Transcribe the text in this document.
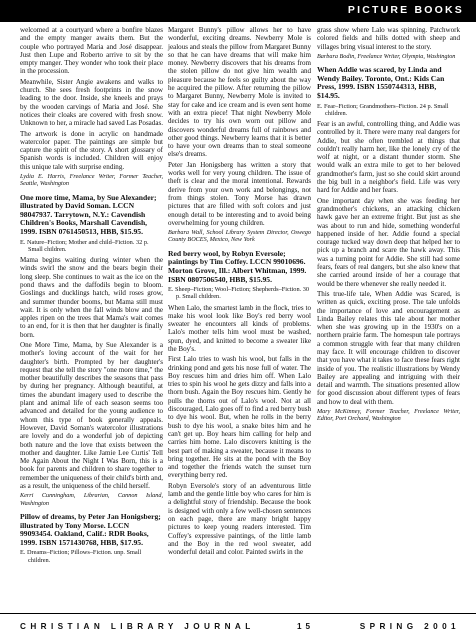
PICTURE BOOKS

welcomed at a courtyard where a bonfire blazes and the empty manger awaits them. But the couple who portrayed Maria and José disappear. Just then Lupe and Roberto arrive to sit by the empty manger. They wonder who took their place in the procession.

Meanwhile, Sister Angie awakens and walks to church. She sees fresh footprints in the snow leading to the door. Inside, she kneels and prays by the wooden carvings of Maria and José. She notices their cloaks are covered with fresh snow. Unknown to her, a miracle had saved Las Posadas.

The artwork is done in acrylic on handmade watercolor paper. The paintings are simple but capture the spirit of the story. A short glossary of Spanish words is included. Children will enjoy this unique tale with surprise ending.

Lydia E. Harris, Freelance Writer, Former Teacher, Seattle, Washington

One more time, Mama, by Sue Alexander; illustrated by David Soman. LCCN 98047937. Tarrytown, N.Y.: Cavendish Children's Books, Marshall Cavendish, 1999. ISBN 0761450513, HBB, $15.95.
E. Nature–Fiction; Mother and child–Fiction. 32 p. Small children.

Mama begins waiting during winter when the winds swirl the snow and the bears begin their long sleep. She continues to wait as the ice on the pond thaws and the daffodils begin to bloom. Goslings and ducklings hatch, wild roses grow, and summer thunder booms, but Mama still must wait. It is only when the fall winds blow and the apples ripen on the trees that Mama's wait comes to an end, for it is then that her daughter is finally born.

One More Time, Mama, by Sue Alexander is a mother's loving account of the wait for her daughter's birth. Prompted by her daughter's request that she tell the story "one more time," the mother beautifully describes the seasons that pass by during her pregnancy. Although beautiful, at times the abundant imagery used to describe the plant and animal life of each season seems too advanced and detailed for the young audience to whom this type of book generally appeals. However, David Soman's watercolor illustrations are lovely and do a wonderful job of depicting both nature and the love that exists between the mother and daughter. Like Jamie Lee Curtis' Tell Me Again About the Night I Was Born, this is a book for parents and children to share together to remember the uniqueness of their child's birth and, as a result, the uniqueness of the child herself.

Kerri Cunningham, Librarian, Cannon Island, Washington

Pillow of dreams, by Peter Jan Honigsberg; illustrated by Tony Morse. LCCN 99093454. Oakland, Calif.: RDR Books, 1999. ISBN 1571430768, HBB, $17.95.
E. Dreams–Fiction; Pillows–Fiction. unp. Small children.

Margaret Bunny's pillow allows her to have wonderful, exciting dreams. Newberry Mole is jealous and steals the pillow from Margaret Bunny so that he can have dreams that will make him money. Newberry discovers that his dreams from the stolen pillow do not give him wealth and pleasure because he feels so guilty about the way he acquired the pillow. After returning the pillow to Margaret Bunny, Newberry Mole is invited to stay for cake and ice cream and is even sent home with an extra piece! That night Newberry Mole decides to try his own worn out pillow and discovers wonderful dreams full of rainbows and other good things. Newberry learns that it is better to have your own dreams than to steal someone else's dreams.

Peter Jan Honigsberg has written a story that works well for very young children. The issue of theft is clear and the moral intentional. Rewards derive from your own work and belongings, not from things stolen. Tony Morse has drawn pictures that are filled with soft colors and just enough detail to be interesting and to avoid being overwhelming for young children.

Barbara Wall, School Library System Director, Oswego County BOCES, Mexico, New York

Red berry wool, by Robyn Eversole; paintings by Tim Coffey. LCCN 99010696. Morton Grove, Ill.: Albert Whitman, 1999. ISBN 0807506540, HBB, $15.95.
E. Sheep–Fiction; Wool–Fiction; Shepherds–Fiction. 30 p. Small children.

When Lalo, the smartest lamb in the flock, tries to make his wool look like Boy's red berry wool sweater he encounters all kinds of problems. Lalo's mother tells him wool must be washed, spun, dyed, and knitted to become a sweater like the Boy's.

First Lalo tries to wash his wool, but falls in the drinking pond and gets his nose full of water. The Boy rescues him and dries him off. When Lalo tries to spin his wool he gets dizzy and falls into a thorn bush. Again the Boy rescues him. Gently he pulls the thorns out of Lalo's wool. Not at all discouraged, Lalo goes off to find a red berry bush to dye his wool. But, when he rolls in the berry bush to dye his wool, a snake bites him and he can't get up. Boy hears him calling for help and carries him home. Lalo discovers knitting is the best part of making a sweater, because it means to bring together. He sits at the pond with the Boy and together the friends watch the sunset turn everything berry red.

Robyn Eversole's story of an adventurous little lamb and the gentle little boy who cares for him is a delightful story of friendship. Because the book is designed with only a few well-chosen sentences on each page, there are many bright happy pictures to keep young readers interested. Tim Coffey's expressive paintings, of the little lamb and the Boy in the red wool sweater, add wonderful detail and color. Painted swirls in the

grass show where Lalo was spinning. Patchwork colored fields and hills dotted with sheep and villages bring visual interest to the story.

Barbara Bodin, Freelance Writer, Olympia, Washington

When Addie was scared, by Linda and Wendy Bailey. Toronto, Ont.: Kids Can Press, 1999. ISBN 1550744313, HBB, $14.95.
E. Fear–Fiction; Grandmothers–Fiction. 24 p. Small children.

Fear is an awful, controlling thing, and Addie was controlled by it. There were many real dangers for Addie, but she often trembled at things that couldn't really harm her, like the lonely cry of the wolf at night, or a distant thunder storm. She would walk an extra mile to get to her beloved grandmother's farm, just so she could skirt around the big bull in a neighbor's field. Life was very hard for Addie and her fears.

One important day when she was feeding her grandmother's chickens, an attacking chicken hawk gave her an extreme fright. But just as she was about to run and hide, something wonderful happened inside of her. Addie found a special courage tucked way down deep that helped her to pick up a branch and scare the hawk away. This was a turning point for Addie. She still had some fears, fears of real dangers, but she also knew that she carried around inside of her a courage that would be there whenever she really needed it.

This true-life tale, When Addie was Scared, is written as quick, exciting prose. The tale unfolds the importance of love and encouragement as Linda Bailey relates this tale about her mother when she was growing up in the 1930's on a northern prairie farm. The homespun tale portrays a common struggle with fear that many children may face. It will encourage children to discover that you have what it takes to face these fears right inside of you. The realistic illustrations by Wendy Bailey are appealing and intriguing with their detail and warmth. The situations presented allow for good discussion about different types of fears and how to deal with them.

Mary McKinney, Former Teacher, Freelance Writer, Editor, Port Orchard, Washington

CHRISTIAN LIBRARY JOURNAL	15	SPRING 2001
